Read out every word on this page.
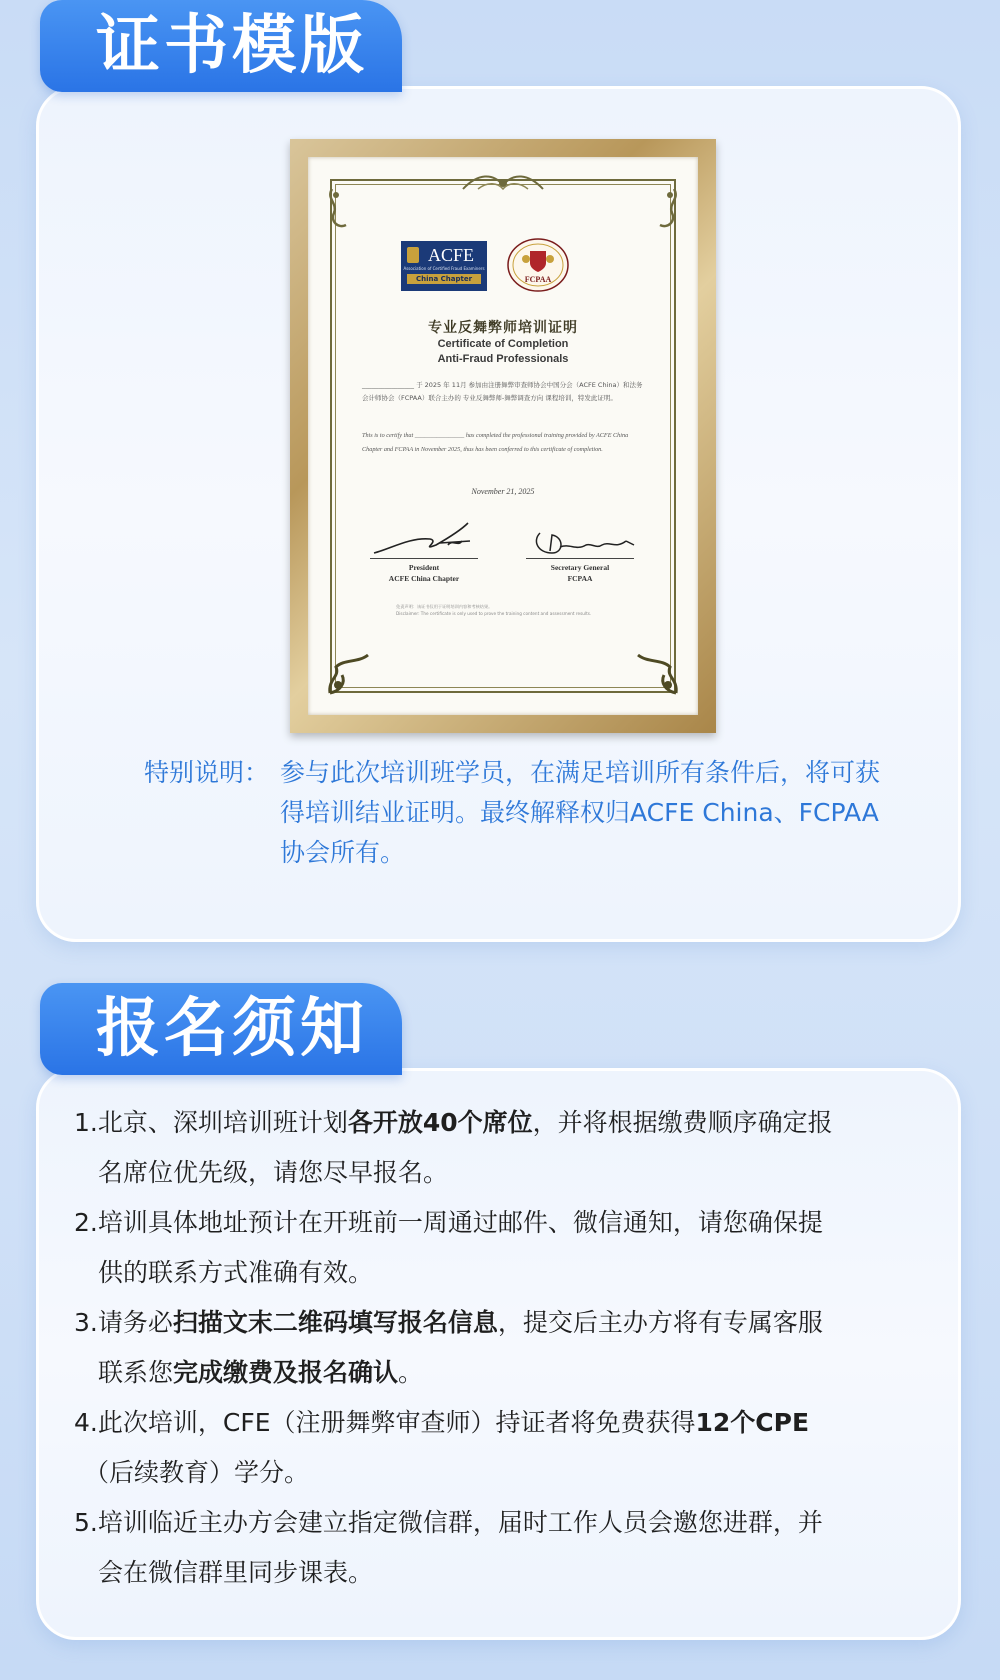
证书模版
ACFE
Association of Certified Fraud Examiners
China Chapter	FCPAA
专业反舞弊师培训证明
Certificate of Completion
Anti-Fraud Professionals
________________ 于 2025 年 11月 参加由注册舞弊审查师协会中国分会（ACFE China）和法务会计师协会（FCPAA）联合主办的 专业反舞弊师-舞弊调查方向 课程培训，特发此证明。
This is to certify that ________________ has completed the professional training provided by ACFE China Chapter and FCPAA in November 2025, thus has been conferred to this certificate of completion.
November 21, 2025
President
ACFE China Chapter
Secretary General
FCPAA
免责声明：该证书仅用于证明培训内容和考核结果。
Disclaimer: The certificate is only used to prove the training content and assessment results.
特别说明： 参与此次培训班学员，在满足培训所有条件后，将可获得培训结业证明。最终解释权归ACFE China、FCPAA协会所有。
报名须知
1.北京、深圳培训班计划各开放40个席位，并将根据缴费顺序确定报
名席位优先级，请您尽早报名。
2.培训具体地址预计在开班前一周通过邮件、微信通知，请您确保提
供的联系方式准确有效。
3.请务必扫描文末二维码填写报名信息，提交后主办方将有专属客服
联系您完成缴费及报名确认。
4.此次培训，CFE（注册舞弊审查师）持证者将免费获得12个CPE
（后续教育）学分。
5.培训临近主办方会建立指定微信群，届时工作人员会邀您进群，并
会在微信群里同步课表。
